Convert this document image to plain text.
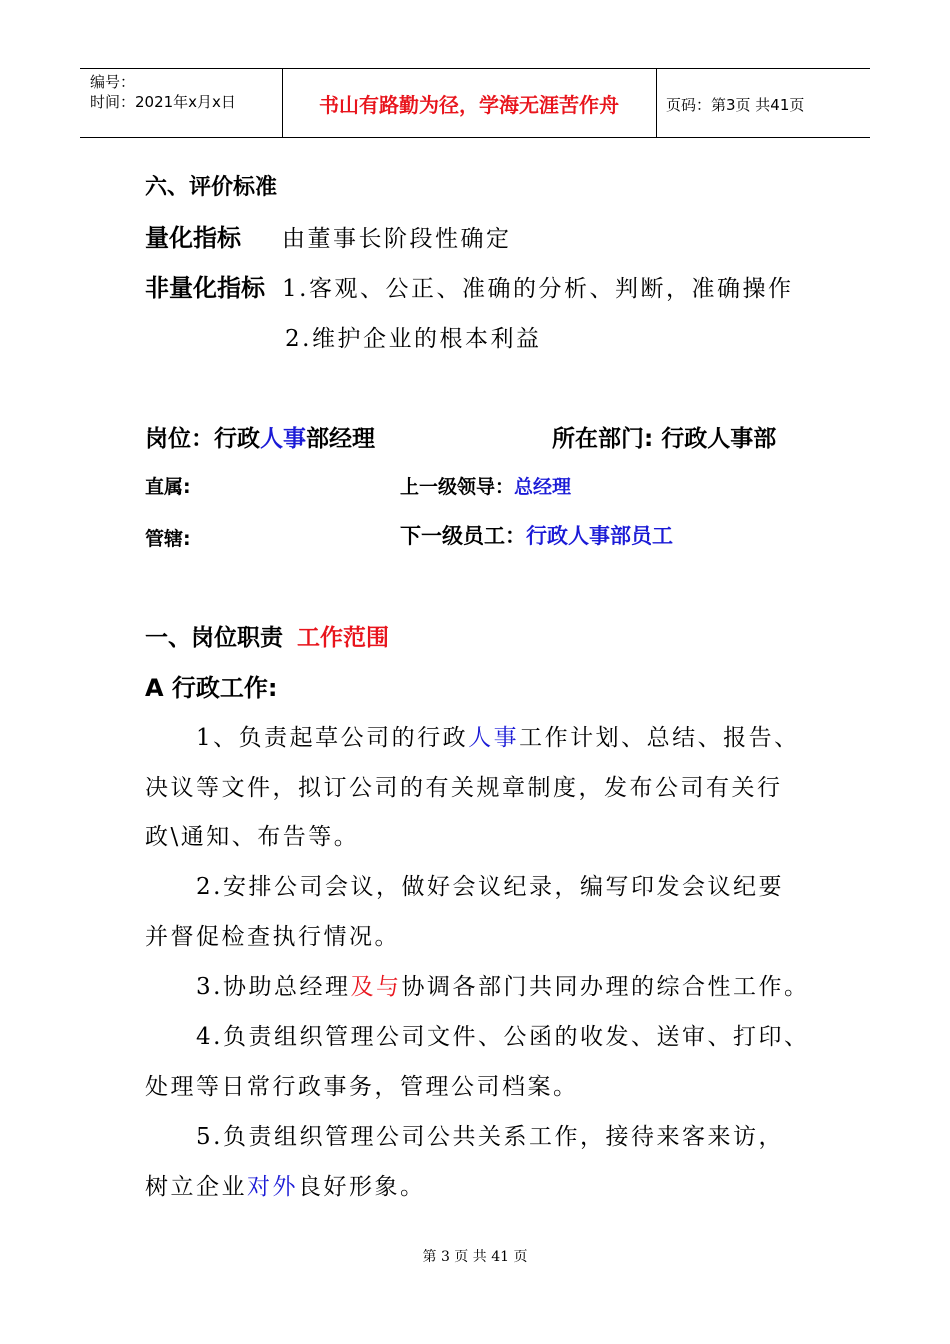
编号：
时间：2021年x月x日	书山有路勤为径，学海无涯苦作舟	页码：第3页 共41页
六、评价标准
量化指标 由董事长阶段性确定
非量化指标 1.客观、公正、准确的分析、判断，准确操作
2.维护企业的根本利益
岗位：行政人事部经理	所在部门: 行政人事部
直属:	上一级领导：总经理
管辖:	下一级员工：行政人事部员工
一、岗位职责 工作范围
A 行政工作:
1、负责起草公司的行政人事工作计划、总结、报告、
决议等文件，拟订公司的有关规章制度，发布公司有关行
政\通知、布告等。
2.安排公司会议，做好会议纪录，编写印发会议纪要
并督促检查执行情况。
3.协助总经理及与协调各部门共同办理的综合性工作。
4.负责组织管理公司文件、公函的收发、送审、打印、
处理等日常行政事务，管理公司档案。
5.负责组织管理公司公共关系工作，接待来客来访，
树立企业对外良好形象。
第 3 页 共 41 页
